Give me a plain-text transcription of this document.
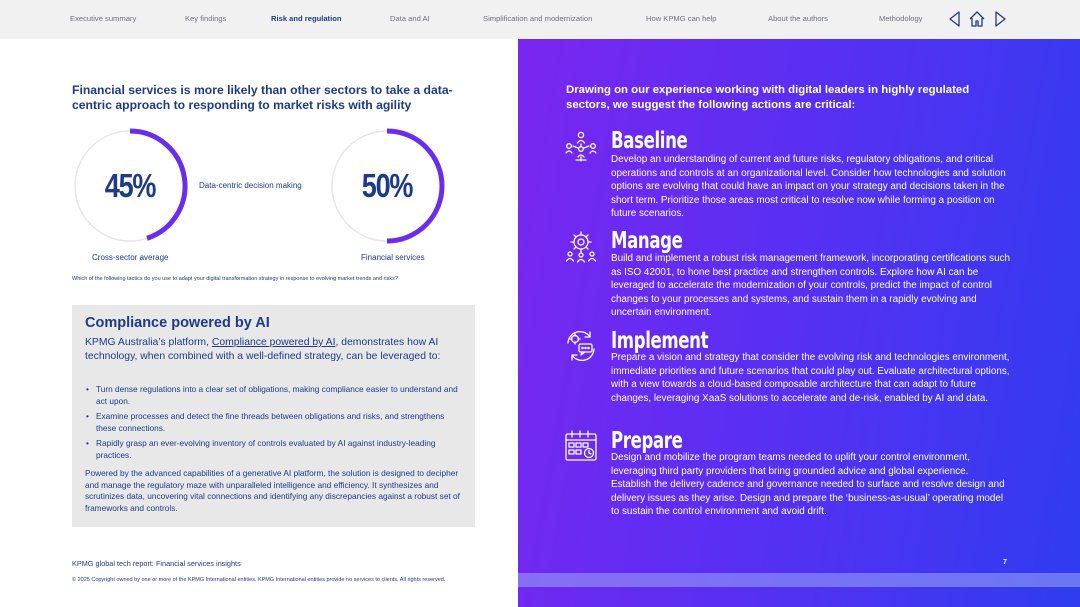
Executive summary	Key findings	Risk and regulation	Data and AI	Simplification and modernization	How KPMG can help	About the authors	Methodology
Financial services is more likely than other sectors to take a data-centric approach to responding to market risks with agility
45%
Cross-sector average
Data-centric decision making	50%
Financial services
Which of the following tactics do you use to adapt your digital transformation strategy in response to evolving market trends and risks?
Compliance powered by AI
KPMG Australia’s platform, Compliance powered by AI, demonstrates how AI technology, when combined with a well-defined strategy, can be leveraged to:
• Turn dense regulations into a clear set of obligations, making compliance easier to understand and act upon.
• Examine processes and detect the fine threads between obligations and risks, and strengthens these connections.
• Rapidly grasp an ever-evolving inventory of controls evaluated by AI against industry-leading practices.
Powered by the advanced capabilities of a generative AI platform, the solution is designed to decipher and manage the regulatory maze with unparalleled intelligence and efficiency. It synthesizes and scrutinizes data, uncovering vital connections and identifying any discrepancies against a robust set of frameworks and controls.
KPMG global tech report: Financial services insights
Drawing on our experience working with digital leaders in highly regulated sectors, we suggest the following actions are critical:
Baseline
Develop an understanding of current and future risks, regulatory obligations, and critical operations and controls at an organizational level. Consider how technologies and solution options are evolving that could have an impact on your strategy and decisions taken in the short term. Prioritize those areas most critical to resolve now while forming a position on future scenarios.
Manage
Build and implement a robust risk management framework, incorporating certifications such as ISO 42001, to hone best practice and strengthen controls. Explore how AI can be leveraged to accelerate the modernization of your controls, predict the impact of control changes to your processes and systems, and sustain them in a rapidly evolving and uncertain environment.
Implement
Prepare a vision and strategy that consider the evolving risk and technologies environment, immediate priorities and future scenarios that could play out. Evaluate architectural options, with a view towards a cloud-based composable architecture that can adapt to future changes, leveraging XaaS solutions to accelerate and de-risk, enabled by AI and data.
Prepare
Design and mobilize the program teams needed to uplift your control environment, leveraging third party providers that bring grounded advice and global experience. Establish the delivery cadence and governance needed to surface and resolve design and delivery issues as they arise. Design and prepare the ‘business-as-usual’ operating model to sustain the control environment and avoid drift.
7
© 2025 Copyright owned by one or more of the KPMG International entities. KPMG International entities provide no services to clients. All rights reserved.
